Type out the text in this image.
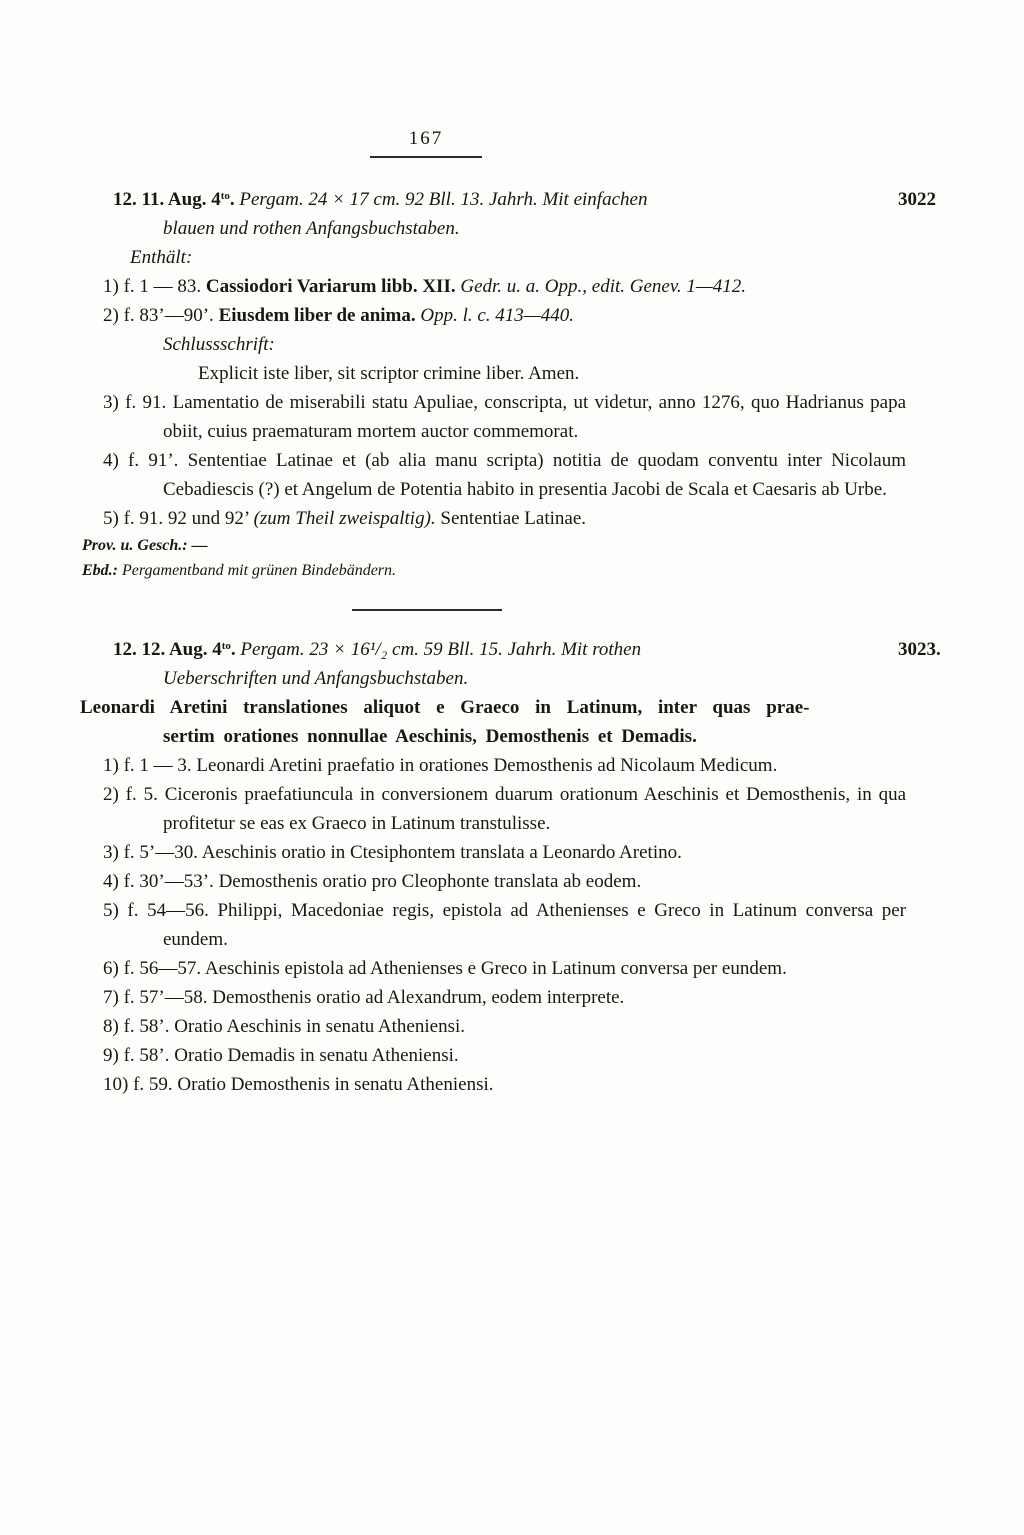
167
3022
12. 11. Aug. $4^{to}$. Pergam. 24 × 17 cm. 92 Bll. 13. Jahrh. Mit einfachen
blauen und rothen Anfangsbuchstaben.
Enthält:

1) f. 1 — 83. Cassiodori Variarum libb. XII. Gedr. u. a. Opp., edit. Genev. 1—412.

2) f. 83’—90’. Eiusdem liber de anima. Opp. l. c. 413—440.

Schlussschrift:
Explicit iste liber, sit scriptor crimine liber. Amen.

3) f. 91. Lamentatio de miserabili statu Apuliae, conscripta, ut videtur, anno 1276, quo Hadrianus papa obiit, cuius praematuram mortem auctor commemorat.

4) f. 91’. Sententiae Latinae et (ab alia manu scripta) notitia de quodam conventu inter Nicolaum Cebadiescis (?) et Angelum de Potentia habito in presentia Jacobi de Scala et Caesaris ab Urbe.

5) f. 91. 92 und 92’ (zum Theil zweispaltig). Sententiae Latinae.

Prov. u. Gesch.: —
Ebd.: Pergamentband mit grünen Bindebändern.
3023.
12. 12. Aug. $4^{to}$. Pergam. 23 × 16¹/₂ cm. 59 Bll. 15. Jahrh. Mit rothen
Ueberschriften und Anfangsbuchstaben.

Leonardi Aretini translationes aliquot e Graeco in Latinum, inter quas prae-
sertim orationes nonnullae Aeschinis, Demosthenis et Demadis.

1) f. 1 — 3. Leonardi Aretini praefatio in orationes Demosthenis ad Nicolaum Medicum.

2) f. 5. Ciceronis praefatiuncula in conversionem duarum orationum Aeschinis et Demosthenis, in qua profitetur se eas ex Graeco in Latinum transtulisse.

3) f. 5’—30. Aeschinis oratio in Ctesiphontem translata a Leonardo Aretino.

4) f. 30’—53’. Demosthenis oratio pro Cleophonte translata ab eodem.

5) f. 54—56. Philippi, Macedoniae regis, epistola ad Athenienses e Greco in Latinum conversa per eundem.

6) f. 56—57. Aeschinis epistola ad Athenienses e Greco in Latinum conversa per eundem.

7) f. 57’—58. Demosthenis oratio ad Alexandrum, eodem interprete.

8) f. 58’. Oratio Aeschinis in senatu Atheniensi.

9) f. 58’. Oratio Demadis in senatu Atheniensi.

10) f. 59. Oratio Demosthenis in senatu Atheniensi.
